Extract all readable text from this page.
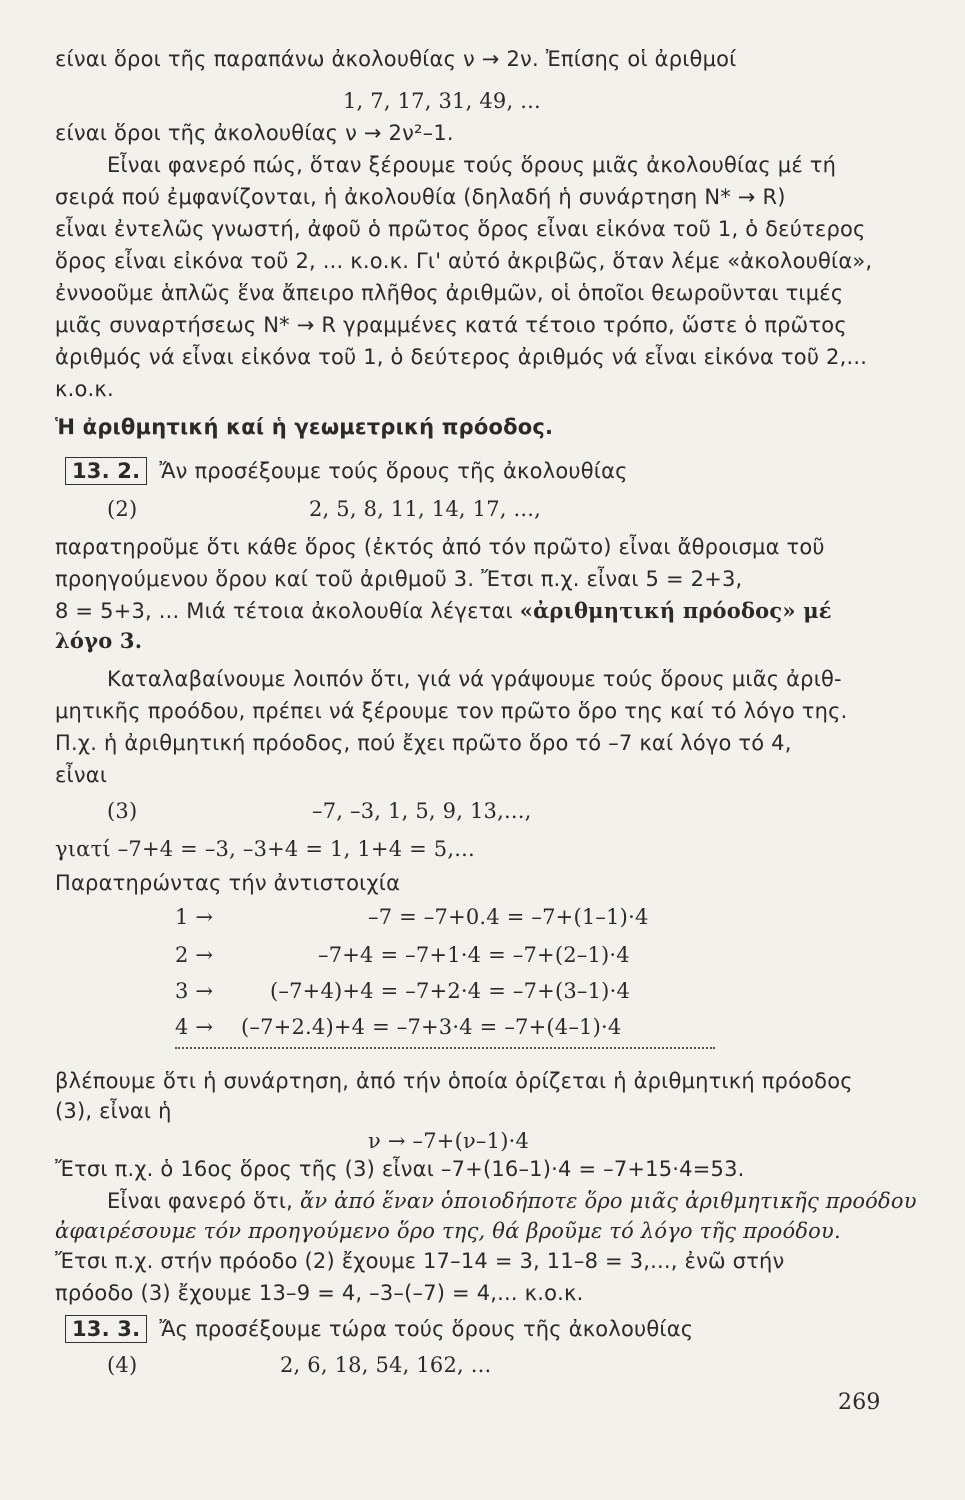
είναι ὅροι τῆς παραπάνω ἀκολουθίας ν → 2ν. Ἐπίσης οἱ ἀριθμοί
1, 7, 17, 31, 49, ...
είναι ὅροι τῆς ἀκολουθίας ν → 2ν²–1.
Εἶναι φανερό πώς, ὅταν ξέρουμε τούς ὅρους μιᾶς ἀκολουθίας μέ τή
σειρά πού ἐμφανίζονται, ἡ ἀκολουθία (δηλαδή ἡ συνάρτηση Ν* → R)
εἶναι ἐντελῶς γνωστή, ἀφοῦ ὁ πρῶτος ὅρος εἶναι εἰκόνα τοῦ 1, ὁ δεύτερος
ὅρος εἶναι εἰκόνα τοῦ 2, ... κ.ο.κ. Γι' αὐτό ἀκριβῶς, ὅταν λέμε «ἀκολουθία»,
ἐννοοῦμε ἁπλῶς ἕνα ἄπειρο πλῆθος ἀριθμῶν, οἱ ὁποῖοι θεωροῦνται τιμές
μιᾶς συναρτήσεως Ν* → R γραμμένες κατά τέτοιο τρόπο, ὥστε ὁ πρῶτος
ἀριθμός νά εἶναι εἰκόνα τοῦ 1, ὁ δεύτερος ἀριθμός νά εἶναι εἰκόνα τοῦ 2,...
κ.ο.κ.
Ἡ ἀριθμητική καί ἡ γεωμετρική πρόοδος.
13. 2. Ἄν προσέξουμε τούς ὅρους τῆς ἀκολουθίας
(2)	2, 5, 8, 11, 14, 17, ...,
παρατηροῦμε ὅτι κάθε ὅρος (ἐκτός ἀπό τόν πρῶτο) εἶναι ἄθροισμα τοῦ
προηγούμενου ὅρου καί τοῦ ἀριθμοῦ 3. Ἔτσι π.χ. εἶναι 5 = 2+3,
8 = 5+3, ... Μιά τέτοια ἀκολουθία λέγεται «ἀριθμητική πρόοδος» μέ
λόγο 3.
Καταλαβαίνουμε λοιπόν ὅτι, γιά νά γράψουμε τούς ὅρους μιᾶς ἀριθ-
μητικῆς προόδου, πρέπει νά ξέρουμε τον πρῶτο ὅρο της καί τό λόγο της.
Π.χ. ἡ ἀριθμητική πρόοδος, πού ἔχει πρῶτο ὅρο τό –7 καί λόγο τό 4,
εἶναι
(3)	–7, –3, 1, 5, 9, 13,...,
γιατί –7+4 = –3, –3+4 = 1, 1+4 = 5,...
Παρατηρώντας τήν ἀντιστοιχία
1 →	–7 = –7+0.4 = –7+(1–1)·4
2 →	–7+4 = –7+1·4 = –7+(2–1)·4
3 →	(–7+4)+4 = –7+2·4 = –7+(3–1)·4
4 → (–7+2.4)+4 = –7+3·4 = –7+(4–1)·4
βλέπουμε ὅτι ἡ συνάρτηση, ἀπό τήν ὁποία ὁρίζεται ἡ ἀριθμητική πρόοδος
(3), εἶναι ἡ
ν → –7+(ν–1)·4
Ἔτσι π.χ. ὁ 16ος ὅρος τῆς (3) εἶναι –7+(16–1)·4 = –7+15·4=53.
Εἶναι φανερό ὅτι, ἄν ἀπό ἕναν ὁποιοδήποτε ὅρο μιᾶς ἀριθμητικῆς προόδου
ἀφαιρέσουμε τόν προηγούμενο ὅρο της, θά βροῦμε τό λόγο τῆς προόδου.
Ἔτσι π.χ. στήν πρόοδο (2) ἔχουμε 17–14 = 3, 11–8 = 3,..., ἐνῶ στήν
πρόοδο (3) ἔχουμε 13–9 = 4, –3–(–7) = 4,... κ.ο.κ.
13. 3. Ἄς προσέξουμε τώρα τούς ὅρους τῆς ἀκολουθίας
(4)	2, 6, 18, 54, 162, ...
269
